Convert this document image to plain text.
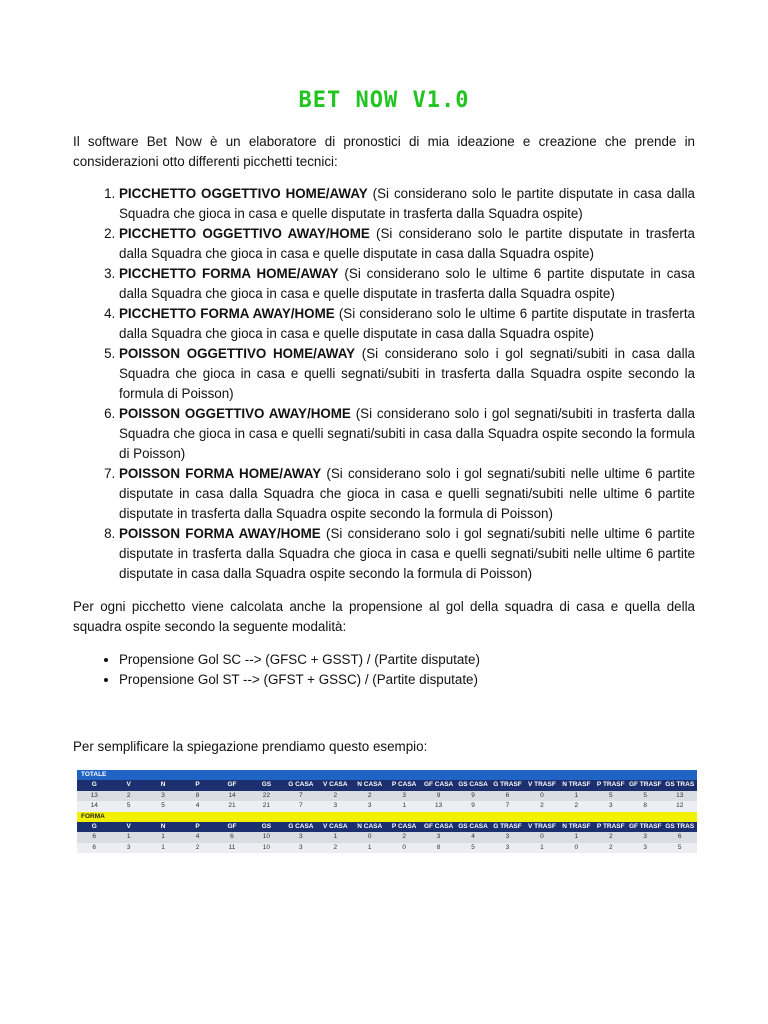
BET NOW V1.0
Il software Bet Now è un elaboratore di pronostici di mia ideazione e creazione che prende in considerazioni otto differenti picchetti tecnici:
1. PICCHETTO OGGETTIVO HOME/AWAY (Si considerano solo le partite disputate in casa dalla Squadra che gioca in casa e quelle disputate in trasferta dalla Squadra ospite)
2. PICCHETTO OGGETTIVO AWAY/HOME (Si considerano solo le partite disputate in trasferta dalla Squadra che gioca in casa e quelle disputate in casa dalla Squadra ospite)
3. PICCHETTO FORMA HOME/AWAY (Si considerano solo le ultime 6 partite disputate in casa dalla Squadra che gioca in casa e quelle disputate in trasferta dalla Squadra ospite)
4. PICCHETTO FORMA AWAY/HOME (Si considerano solo le ultime 6 partite disputate in trasferta dalla Squadra che gioca in casa e quelle disputate in casa dalla Squadra ospite)
5. POISSON OGGETTIVO HOME/AWAY (Si considerano solo i gol segnati/subiti in casa dalla Squadra che gioca in casa e quelli segnati/subiti in trasferta dalla Squadra ospite secondo la formula di Poisson)
6. POISSON OGGETTIVO AWAY/HOME (Si considerano solo i gol segnati/subiti in trasferta dalla Squadra che gioca in casa e quelli segnati/subiti in casa dalla Squadra ospite secondo la formula di Poisson)
7. POISSON FORMA HOME/AWAY (Si considerano solo i gol segnati/subiti nelle ultime 6 partite disputate in casa dalla Squadra che gioca in casa e quelli segnati/subiti nelle ultime 6 partite disputate in trasferta dalla Squadra ospite secondo la formula di Poisson)
8. POISSON FORMA AWAY/HOME (Si considerano solo i gol segnati/subiti nelle ultime 6 partite disputate in trasferta dalla Squadra che gioca in casa e quelli segnati/subiti nelle ultime 6 partite disputate in casa dalla Squadra ospite secondo la formula di Poisson)
Per ogni picchetto viene calcolata anche la propensione al gol della squadra di casa e quella della squadra ospite secondo la seguente modalità:
• Propensione Gol SC --> (GFSC + GSST) / (Partite disputate)
• Propensione Gol ST --> (GFST + GSSC) / (Partite disputate)
Per semplificare la spiegazione prendiamo questo esempio:
TOTALE																	
G	V	N	P	GF	GS	G CASA	V CASA	N CASA	P CASA	GF CASA	GS CASA	G TRASF	V TRASF	N TRASF	P TRASF	GF TRASF	GS TRAS
13	2	3	8	14	22	7	2	2	3	9	9	6	0	1	5	5	13
14	5	5	4	21	21	7	3	3	1	13	9	7	2	2	3	8	12
FORMA																	
G	V	N	P	GF	GS	G CASA	V CASA	N CASA	P CASA	GF CASA	GS CASA	G TRASF	V TRASF	N TRASF	P TRASF	GF TRASF	GS TRAS
6	1	1	4	6	10	3	1	0	2	3	4	3	0	1	2	3	6
6	3	1	2	11	10	3	2	1	0	8	5	3	1	0	2	3	5
